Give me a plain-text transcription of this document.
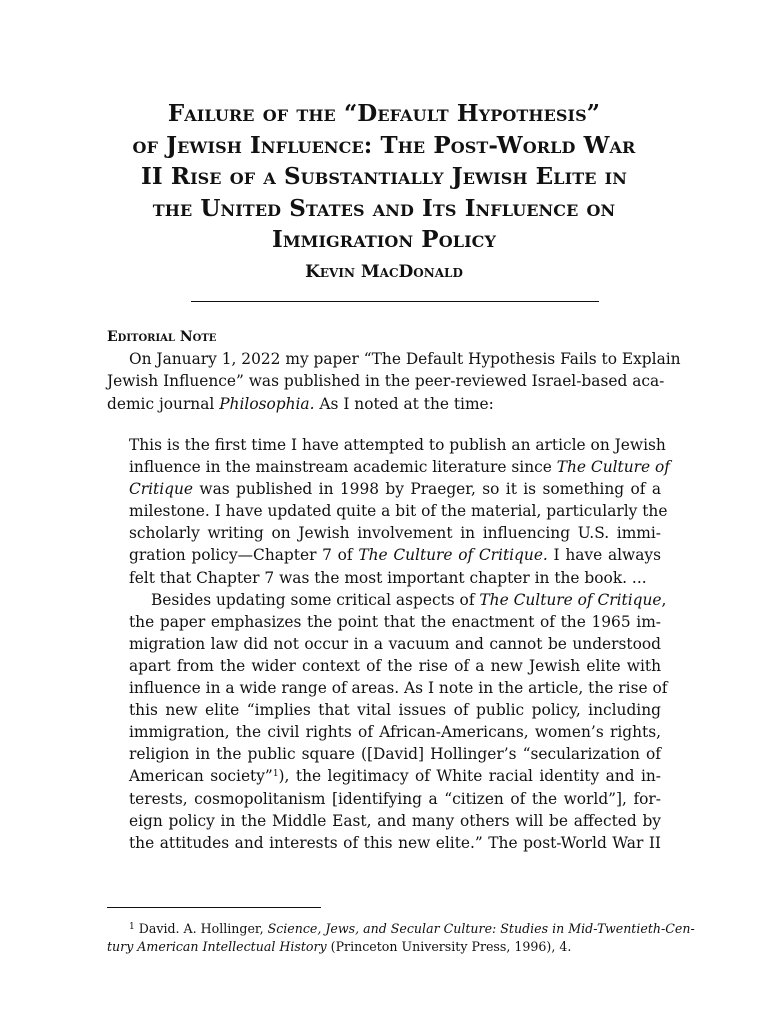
Failure of the “Default Hypothesis”
of Jewish Influence: The Post-World War
II Rise of a Substantially Jewish Elite in
the United States and Its Influence on
Immigration Policy
Kevin MacDonald
Editorial Note
On January 1, 2022 my paper “The Default Hypothesis Fails to Explain
Jewish Influence” was published in the peer-reviewed Israel-based aca-
demic journal Philosophia. As I noted at the time:
This is the first time I have attempted to publish an article on Jewish
influence in the mainstream academic literature since The Culture of
Critique was published in 1998 by Praeger, so it is something of a
milestone. I have updated quite a bit of the material, particularly the
scholarly writing on Jewish involvement in influencing U.S. immi-
gration policy—Chapter 7 of The Culture of Critique. I have always
felt that Chapter 7 was the most important chapter in the book. ...
Besides updating some critical aspects of The Culture of Critique,
the paper emphasizes the point that the enactment of the 1965 im-
migration law did not occur in a vacuum and cannot be understood
apart from the wider context of the rise of a new Jewish elite with
influence in a wide range of areas. As I note in the article, the rise of
this new elite “implies that vital issues of public policy, including
immigration, the civil rights of African-Americans, women’s rights,
religion in the public square ([David] Hollinger’s “secularization of
American society”$^1$), the legitimacy of White racial identity and in-
terests, cosmopolitanism [identifying a “citizen of the world”], for-
eign policy in the Middle East, and many others will be affected by
the attitudes and interests of this new elite.” The post-World War II
$^1$ David. A. Hollinger, Science, Jews, and Secular Culture: Studies in Mid-Twentieth-Cen-
tury American Intellectual History (Princeton University Press, 1996), 4.
